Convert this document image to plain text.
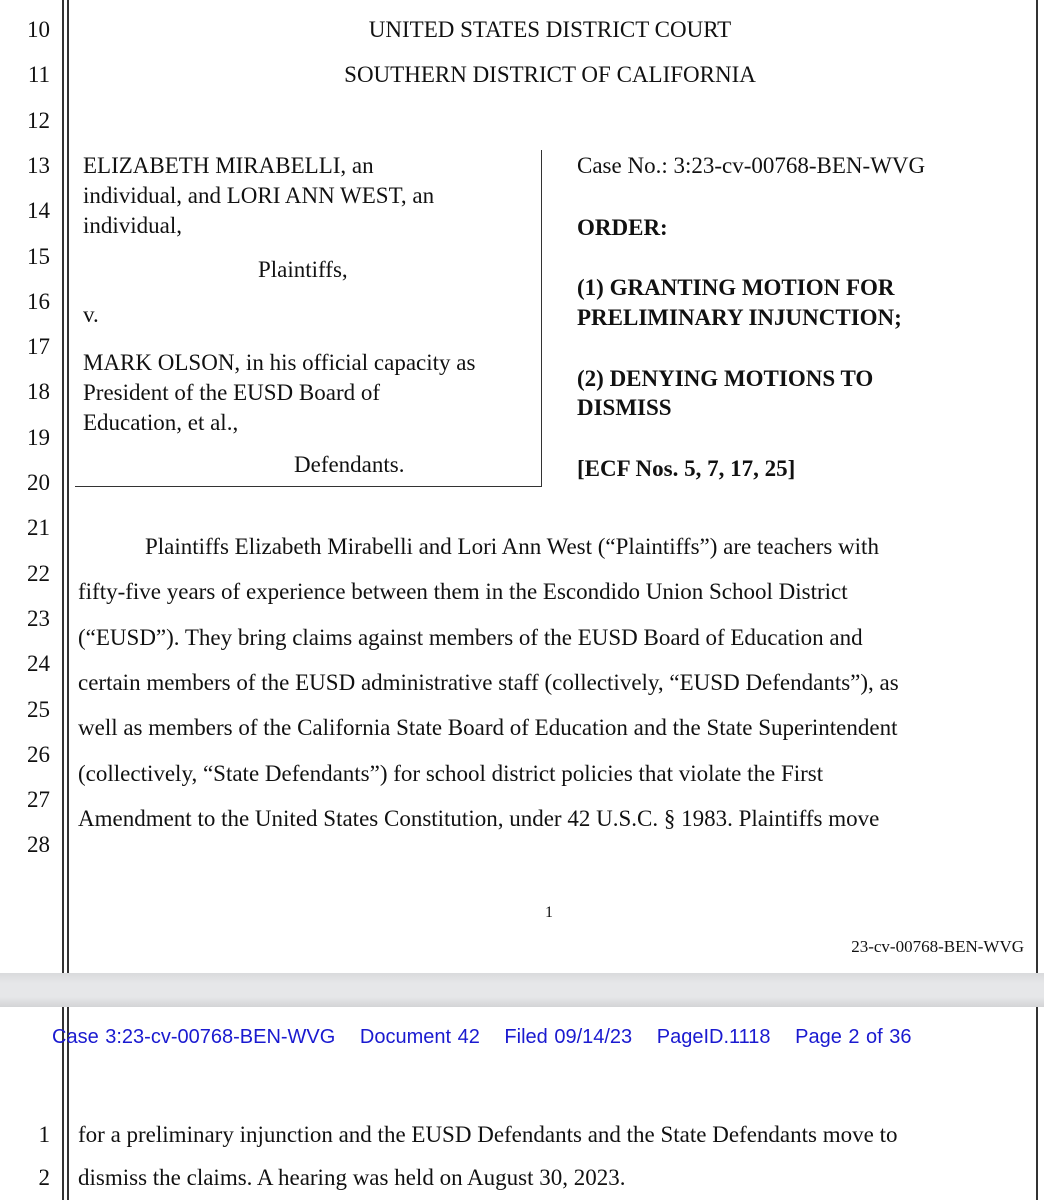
10
11
12
13
14
15
16
17
18
19
20
21
22
23
24
25
26
27
28
UNITED STATES DISTRICT COURT
SOUTHERN DISTRICT OF CALIFORNIA
ELIZABETH MIRABELLI, an
individual, and LORI ANN WEST, an
individual,
Plaintiffs,
v.
MARK OLSON, in his official capacity as
President of the EUSD Board of
Education, et al.,
Defendants.
Case No.: 3:23-cv-00768-BEN-WVG
ORDER:
(1) GRANTING MOTION FOR
PRELIMINARY INJUNCTION;
(2) DENYING MOTIONS TO
DISMISS
[ECF Nos. 5, 7, 17, 25]
Plaintiffs Elizabeth Mirabelli and Lori Ann West (“Plaintiffs”) are teachers with
fifty-five years of experience between them in the Escondido Union School District
(“EUSD”). They bring claims against members of the EUSD Board of Education and
certain members of the EUSD administrative staff (collectively, “EUSD Defendants”), as
well as members of the California State Board of Education and the State Superintendent
(collectively, “State Defendants”) for school district policies that violate the First
Amendment to the United States Constitution, under 42 U.S.C. § 1983. Plaintiffs move
1
23-cv-00768-BEN-WVG
Case 3:23-cv-00768-BEN-WVG Document 42 Filed 09/14/23 PageID.1118 Page 2 of 36
1
2
for a preliminary injunction and the EUSD Defendants and the State Defendants move to
dismiss the claims. A hearing was held on August 30, 2023.
